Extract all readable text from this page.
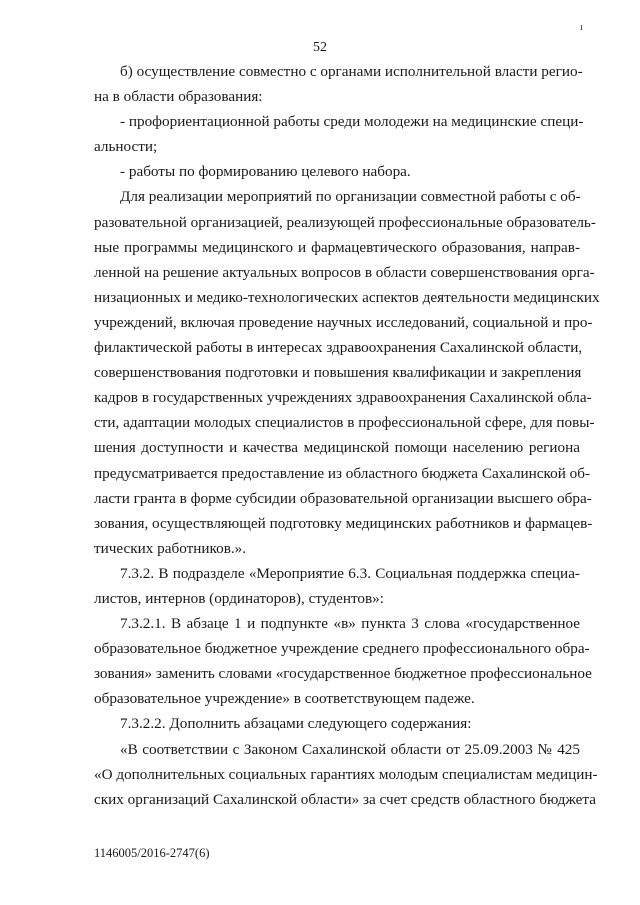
52
ı
б) осуществление совместно с органами исполнительной власти регио-
на в области образования:
- профориентационной работы среди молодежи на медицинские специ-
альности;
- работы по формированию целевого набора.
Для реализации мероприятий по организации совместной работы с об-
разовательной организацией, реализующей профессиональные образователь-
ные программы медицинского и фармацевтического образования, направ-
ленной на решение актуальных вопросов в области совершенствования орга-
низационных и медико-технологических аспектов деятельности медицинских
учреждений, включая проведение научных исследований, социальной и про-
филактической работы в интересах здравоохранения Сахалинской области,
совершенствования подготовки и повышения квалификации и закрепления
кадров в государственных учреждениях здравоохранения Сахалинской обла-
сти, адаптации молодых специалистов в профессиональной сфере, для повы-
шения доступности и качества медицинской помощи населению региона
предусматривается предоставление из областного бюджета Сахалинской об-
ласти гранта в форме субсидии образовательной организации высшего обра-
зования, осуществляющей подготовку медицинских работников и фармацев-
тических работников.».
7.3.2. В подразделе «Мероприятие 6.3. Социальная поддержка специа-
листов, интернов (ординаторов), студентов»:
7.3.2.1. В абзаце 1 и подпункте «в» пункта 3 слова «государственное
образовательное бюджетное учреждение среднего профессионального обра-
зования» заменить словами «государственное бюджетное профессиональное
образовательное учреждение» в соответствующем падеже.
7.3.2.2. Дополнить абзацами следующего содержания:
«В соответствии с Законом Сахалинской области от 25.09.2003 № 425
«О дополнительных социальных гарантиях молодым специалистам медицин-
ских организаций Сахалинской области» за счет средств областного бюджета
1146005/2016-2747(6)
